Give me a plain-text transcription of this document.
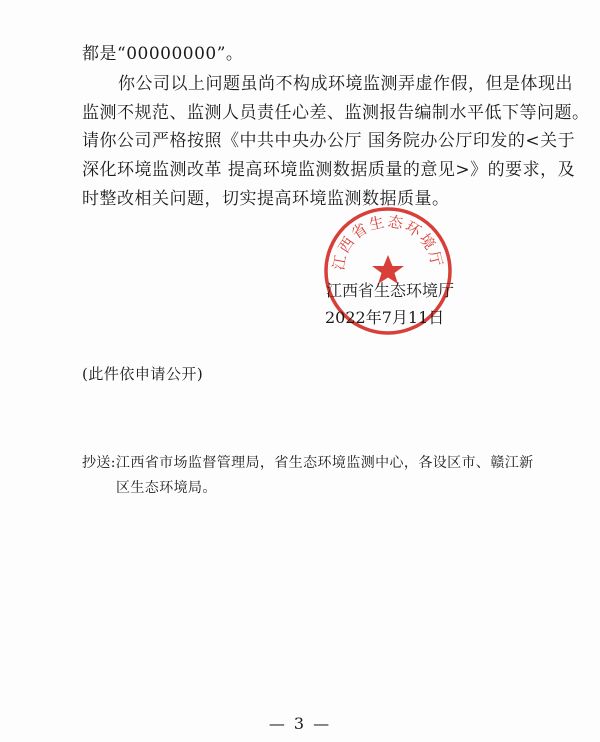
都是“00000000”。
你公司以上问题虽尚不构成环境监测弄虚作假，但是体现出
监测不规范、监测人员责任心差、监测报告编制水平低下等问题。
请你公司严格按照《中共中央办公厅 国务院办公厅印发的<关于
深化环境监测改革 提高环境监测数据质量的意见>》的要求，及
时整改相关问题，切实提高环境监测数据质量。
江西省生态环境厅
江西省生态环境厅
2022年7月11日
(此件依申请公开)
抄送:江西省市场监督管理局，省生态环境监测中心，各设区市、赣江新
区生态环境局。
— 3 —
